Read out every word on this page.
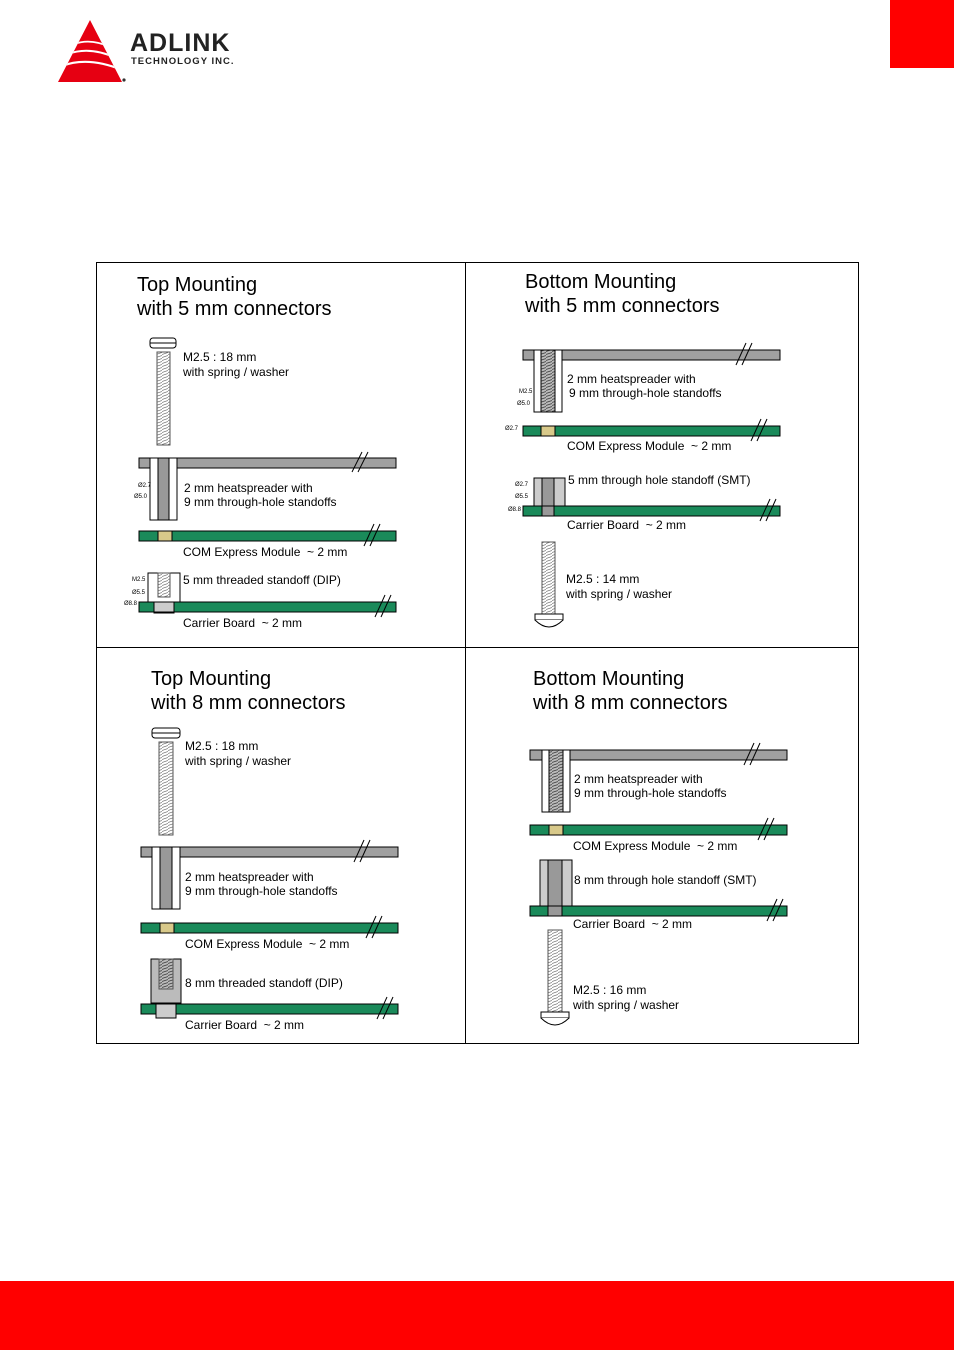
ADLINK
TECHNOLOGY INC.
Top Mounting
with 5 mm connectors
M2.5 : 18 mm
with spring / washer
2 mm heatspreader with
9 mm through-hole standoffs
Ø2.7
Ø5.0
COM Express Module  ~ 2 mm
5 mm threaded standoff (DIP)
M2.5
Ø5.5
Ø8.8
Carrier Board  ~ 2 mm
Bottom Mounting
with 5 mm connectors
2 mm heatspreader with
9 mm through-hole standoffs
M2.5
Ø5.0
Ø2.7
COM Express Module  ~ 2 mm
5 mm through hole standoff (SMT)
Ø2.7
Ø5.5
Ø8.8
Carrier Board  ~ 2 mm
M2.5 : 14 mm
with spring / washer
Top Mounting
with 8 mm connectors
M2.5 : 18 mm
with spring / washer
2 mm heatspreader with
9 mm through-hole standoffs
COM Express Module  ~ 2 mm
8 mm threaded standoff (DIP)
Carrier Board  ~ 2 mm
Bottom Mounting
with 8 mm connectors
2 mm heatspreader with
9 mm through-hole standoffs
COM Express Module  ~ 2 mm
8 mm through hole standoff (SMT)
Carrier Board  ~ 2 mm
M2.5 : 16 mm
with spring / washer
